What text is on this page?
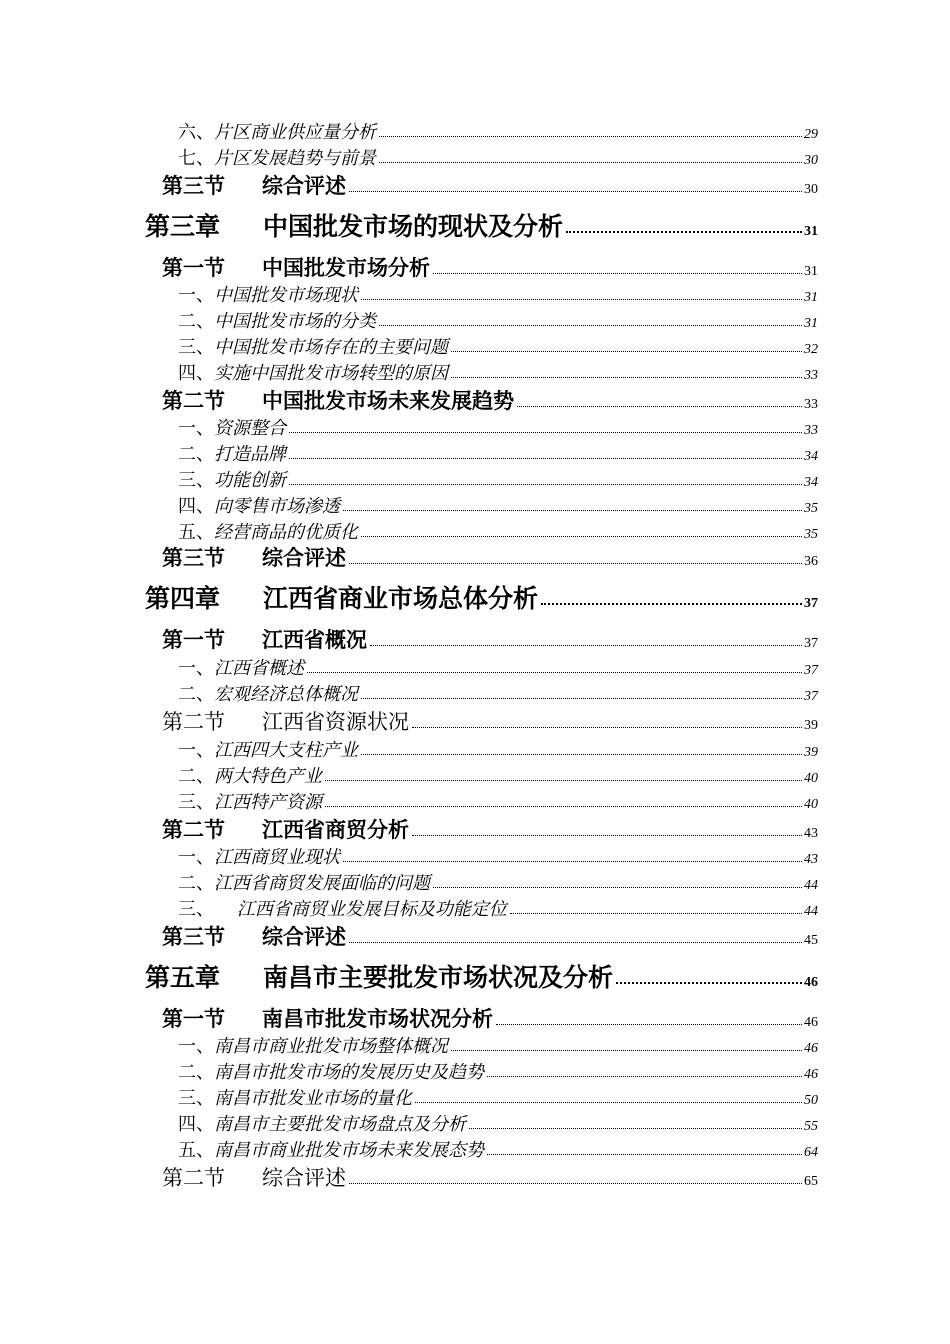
六、 片区商业供应量分析	29
七、 片区发展趋势与前景	30
第三节	综合评述	30
第三章	中国批发市场的现状及分析	31
第一节	中国批发市场分析	31
一、 中国批发市场现状	31
二、 中国批发市场的分类	31
三、 中国批发市场存在的主要问题	32
四、 实施中国批发市场转型的原因	33
第二节	中国批发市场未来发展趋势	33
一、 资源整合	33
二、 打造品牌	34
三、 功能创新	34
四、 向零售市场渗透	35
五、 经营商品的优质化	35
第三节	综合评述	36
第四章	江西省商业市场总体分析	37
第一节	江西省概况	37
一、 江西省概述	37
二、 宏观经济总体概况	37
第二节	江西省资源状况	39
一、 江西四大支柱产业	39
二、 两大特色产业	40
三、 江西特产资源	40
第二节	江西省商贸分析	43
一、 江西商贸业现状	43
二、 江西省商贸发展面临的问题	44
三、 江西省商贸业发展目标及功能定位	44
第三节	综合评述	45
第五章	南昌市主要批发市场状况及分析	46
第一节	南昌市批发市场状况分析	46
一、 南昌市商业批发市场整体概况	46
二、 南昌市批发市场的发展历史及趋势	46
三、 南昌市批发业市场的量化	50
四、 南昌市主要批发市场盘点及分析	55
五、 南昌市商业批发市场未来发展态势	64
第二节	综合评述	65
